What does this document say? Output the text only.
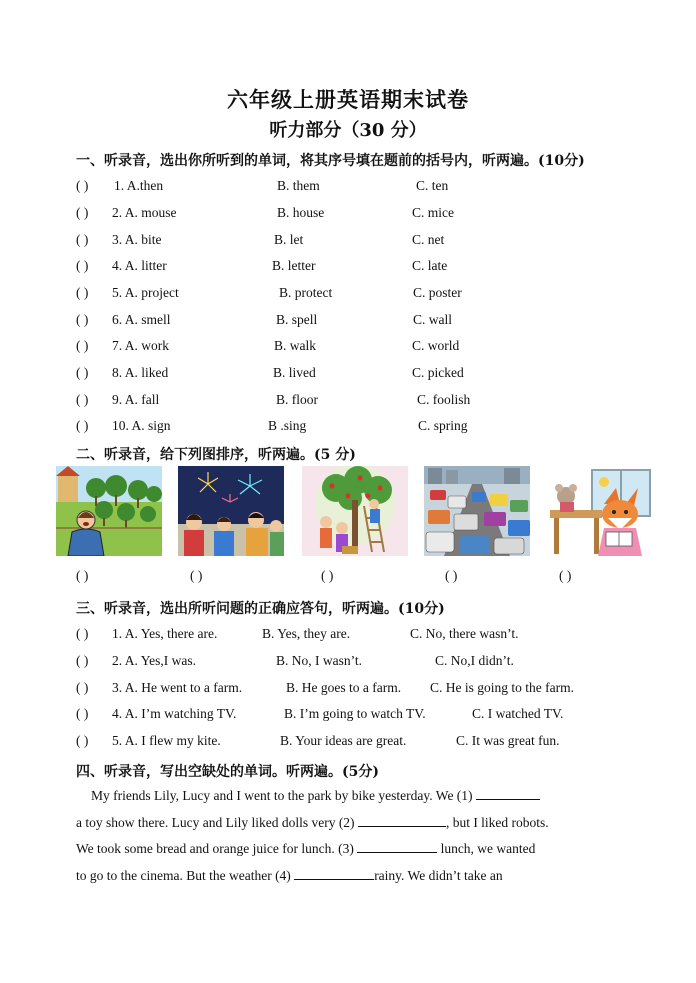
六年级上册英语期末试卷
听力部分（30 分）
一、听录音，选出你所听到的单词，将其序号填在题前的括号内，听两遍。(10分)
( ) 1. A.then	B. them	C. ten
( ) 2. A. mouse	B. house	C. mice
( ) 3. A. bite	B. let	C. net
( ) 4. A. litter	B. letter	C. late
( ) 5. A. project	B. protect	C. poster
( ) 6. A. smell	B. spell	C. wall
( ) 7. A. work	B. walk	C. world
( ) 8. A. liked	B. lived	C. picked
( ) 9. A. fall	B. floor	C. foolish
( ) 10. A. sign	B .sing	C. spring
二、听录音，给下列图排序，听两遍。(5 分)
( )	( )	( )	( )	( )
三、听录音，选出所听问题的正确应答句，听两遍。(10分)
( ) 1. A. Yes, there are.	B. Yes, they are.	C. No, there wasn’t.
( ) 2. A. Yes,I was.	B. No, I wasn’t.	C. No,I didn’t.
( ) 3. A. He went to a farm.	B. He goes to a farm. C. He is going to the farm.
( ) 4. A. I’m watching TV.	B. I’m going to watch TV.	C. I watched TV.
( ) 5. A. I flew my kite.	B. Your ideas are great.	C. It was great fun.
四、听录音，写出空缺处的单词。听两遍。(5分)
My friends Lily, Lucy and I went to the park by bike yesterday. We (1)
a toy show there. Lucy and Lily liked dolls very (2)	, but I liked robots.
We took some bread and orange juice for lunch. (3)	lunch, we wanted
to go to the cinema. But the weather (4)	rainy. We didn’t take an
